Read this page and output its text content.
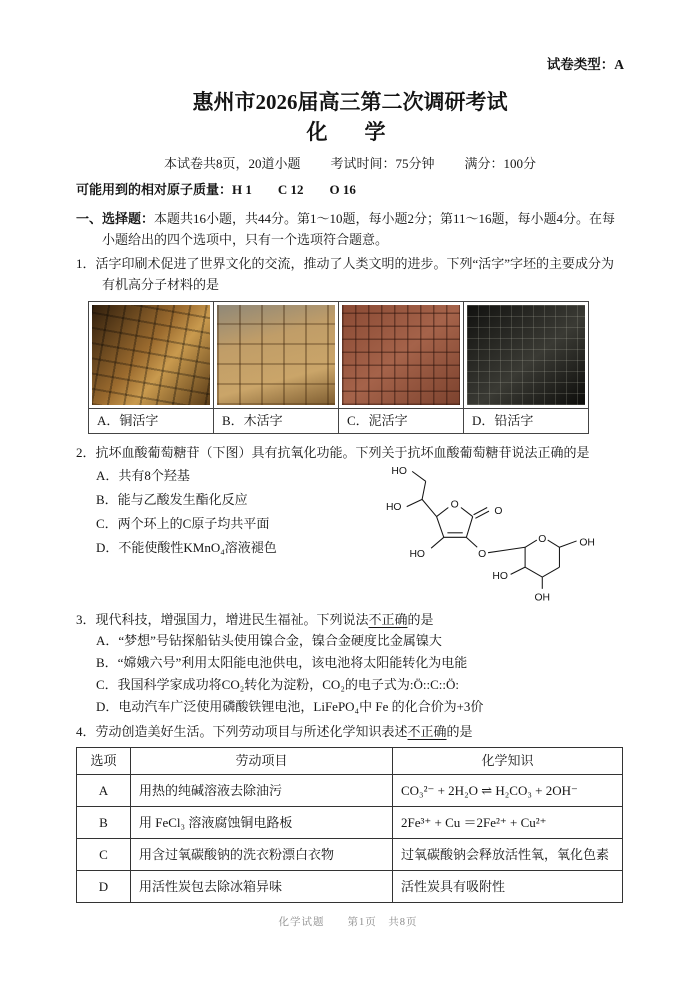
试卷类型：A
惠州市2026届高三第二次调研考试
化　学
本试卷共8页，20道小题 考试时间：75分钟 满分：100分
可能用到的相对原子质量：H 1　　C 12　　O 16
一、选择题：本题共16小题，共44分。第1～10题，每小题2分；第11～16题，每小题4分。在每小题给出的四个选项中，只有一个选项符合题意。
1．活字印刷术促进了世界文化的交流，推动了人类文明的进步。下列“活字”字坯的主要成分为有机高分子材料的是

A．铜活字	B．木活字	C．泥活字	D．铅活字
2．抗坏血酸葡萄糖苷（下图）具有抗氧化功能。下列关于抗坏血酸葡萄糖苷说法正确的是
A．共有8个羟基
B．能与乙酸发生酯化反应
C．两个环上的C原子均共平面
D．不能使酸性KMnO₄溶液褪色
HO
HO	O
O
HO	O
O	OH
OH
HO
3．现代科技，增强国力，增进民生福祉。下列说法不正确的是
A．“梦想”号钻探船钻头使用镍合金，镍合金硬度比金属镍大
B．“嫦娥六号”利用太阳能电池供电，该电池将太阳能转化为电能
C．我国科学家成功将CO₂转化为淀粉，CO₂的电子式为:Ö::C::Ö:
D．电动汽车广泛使用磷酸铁锂电池，LiFePO₄中 Fe 的化合价为+3价
4．劳动创造美好生活。下列劳动项目与所述化学知识表述不正确的是
选项	劳动项目	化学知识
A	用热的纯碱溶液去除油污	CO₃²⁻ + 2H₂O ⇌ H₂CO₃ + 2OH⁻
B	用 FeCl₃ 溶液腐蚀铜电路板	2Fe³⁺ + Cu ＝2Fe²⁺ + Cu²⁺
C	用含过氧碳酸钠的洗衣粉漂白衣物	过氧碳酸钠会释放活性氧，氧化色素
D	用活性炭包去除冰箱异味	活性炭具有吸附性
化学试题　　第1页　共8页
